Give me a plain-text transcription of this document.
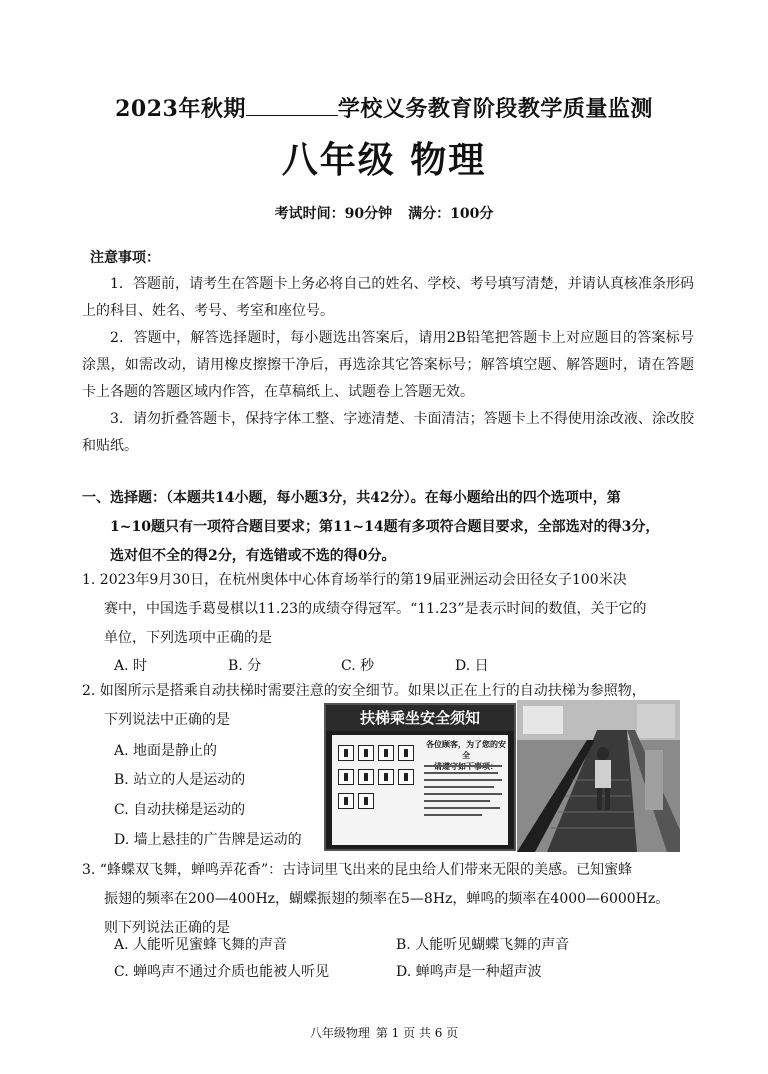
2023年秋期	学校义务教育阶段教学质量监测
八年级 物理
考试时间：90分钟 满分：100分
注意事项：

1．答题前，请考生在答题卡上务必将自己的姓名、学校、考号填写清楚，并请认真核准条形码上的科目、姓名、考号、考室和座位号。

2．答题中，解答选择题时，每小题选出答案后，请用2B铅笔把答题卡上对应题目的答案标号涂黑，如需改动，请用橡皮擦擦干净后，再选涂其它答案标号；解答填空题、解答题时，请在答题卡上各题的答题区域内作答，在草稿纸上、试题卷上答题无效。

3．请勿折叠答题卡，保持字体工整、字迹清楚、卡面清洁；答题卡上不得使用涂改液、涂改胶和贴纸。

一、选择题：（本题共14小题，每小题3分，共42分）。在每小题给出的四个选项中，第
1~10题只有一项符合题目要求；第11~14题有多项符合题目要求，全部选对的得3分，
选对但不全的得2分，有选错或不选的得0分。
1. 2023年9月30日，在杭州奥体中心体育场举行的第19届亚洲运动会田径女子100米决
赛中，中国选手葛曼棋以11.23的成绩夺得冠军。“11.23”是表示时间的数值，关于它的
单位，下列选项中正确的是
A. 时	B. 分	C. 秒	D. 日
2. 如图所示是搭乘自动扶梯时需要注意的安全细节。如果以正在上行的自动扶梯为参照物，
下列说法中正确的是
A. 地面是静止的
B. 站立的人是运动的
C. 自动扶梯是运动的
D. 墙上悬挂的广告牌是运动的
扶梯乘坐安全须知
各位顾客，为了您的安全
3. “蜂蝶双飞舞，蝉鸣弄花香”：古诗词里飞出来的昆虫给人们带来无限的美感。已知蜜蜂
振翅的频率在200—400Hz，蝴蝶振翅的频率在5—8Hz，蝉鸣的频率在4000—6000Hz。
则下列说法正确的是
A. 人能听见蜜蜂飞舞的声音	B. 人能听见蝴蝶飞舞的声音
C. 蝉鸣声不通过介质也能被人听见	D. 蝉鸣声是一种超声波
八年级物理 第 1 页 共 6 页
